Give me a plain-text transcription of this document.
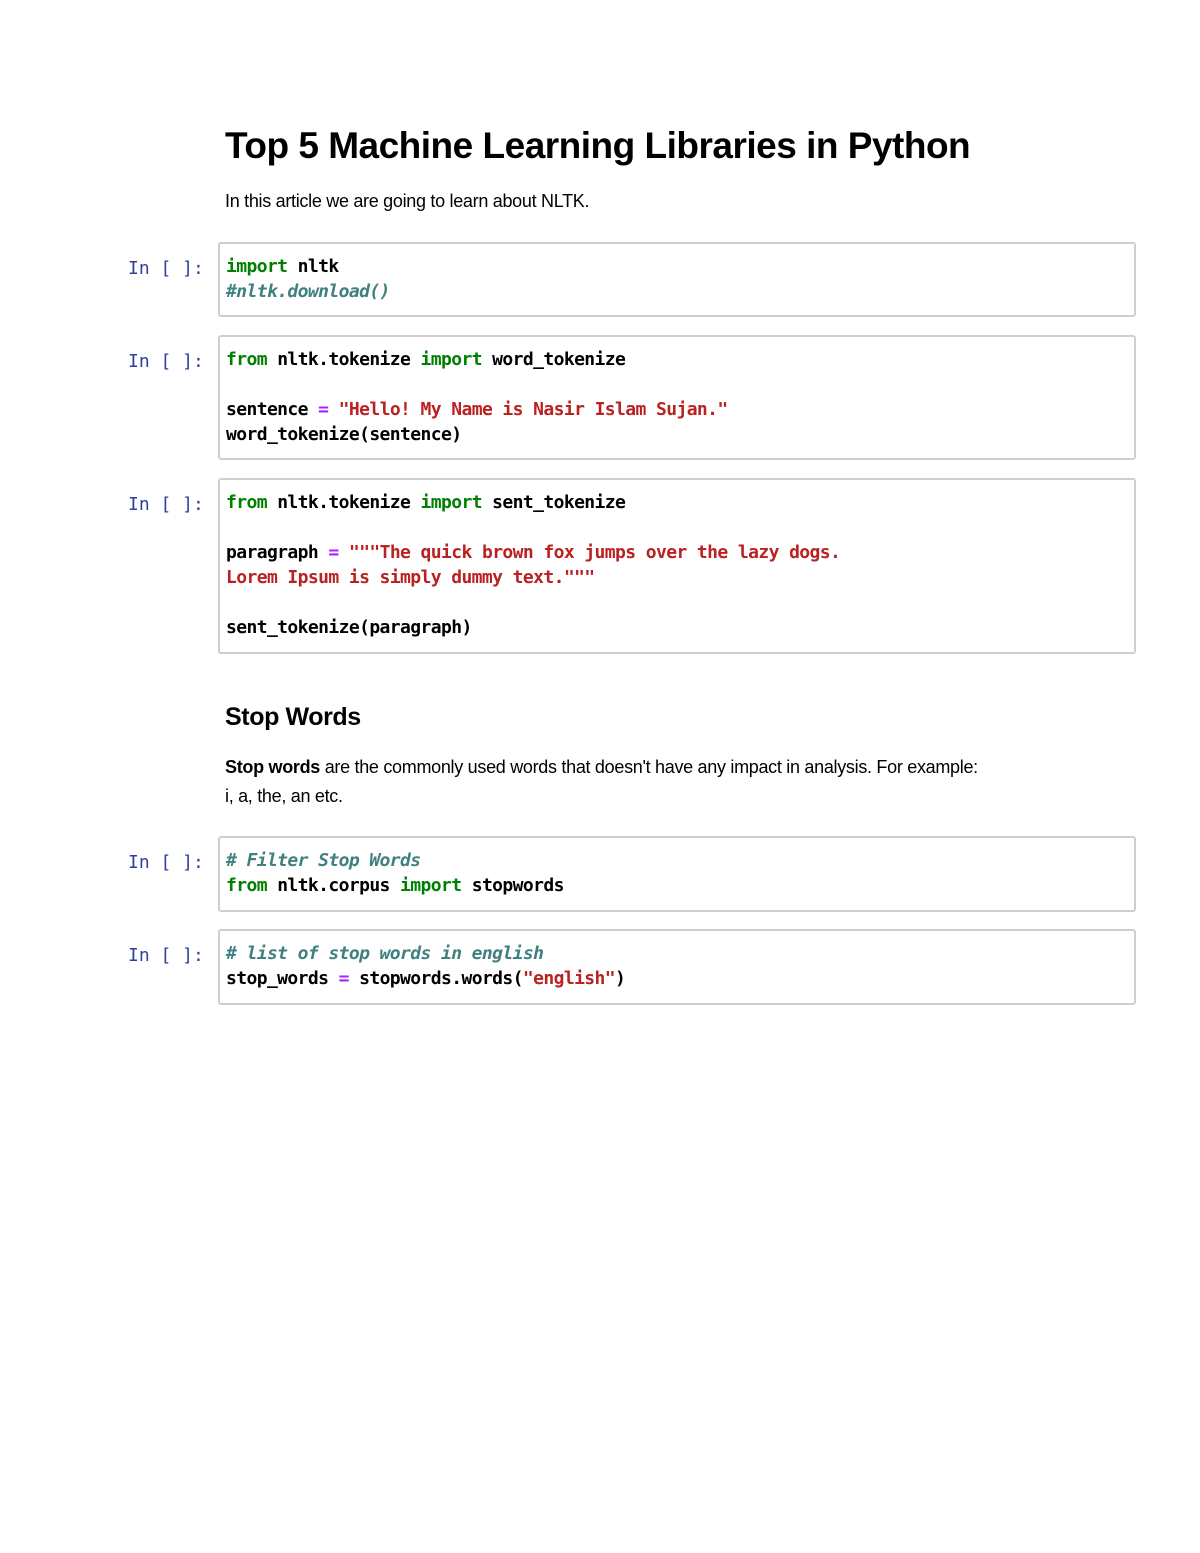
Top 5 Machine Learning Libraries in Python

In this article we are going to learn about NLTK.

In [ ]:	import nltk
#nltk.download()
In [ ]:	from nltk.tokenize import word_tokenize
sentence = "Hello! My Name is Nasir Islam Sujan."
word_tokenize(sentence)
In [ ]:	from nltk.tokenize import sent_tokenize
paragraph = """The quick brown fox jumps over the lazy dogs.
Lorem Ipsum is simply dummy text."""
sent_tokenize(paragraph)
Stop Words

Stop words are the commonly used words that doesn't have any impact in analysis. For example:
i, a, the, an etc.

In [ ]:	# Filter Stop Words
from nltk.corpus import stopwords
In [ ]:	# list of stop words in english
stop_words = stopwords.words("english")
